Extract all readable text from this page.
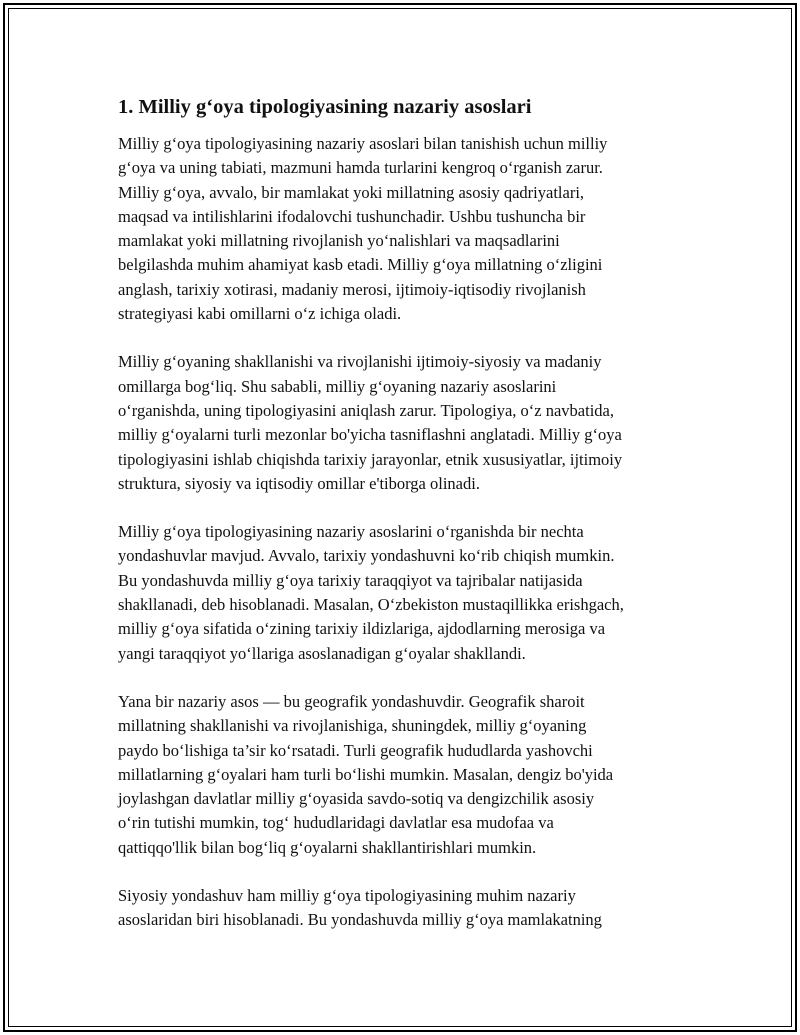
1. Milliy g‘oya tipologiyasining nazariy asoslari

Milliy g‘oya tipologiyasining nazariy asoslari bilan tanishish uchun milliy
g‘oya va uning tabiati, mazmuni hamda turlarini kengroq o‘rganish zarur.
Milliy g‘oya, avvalo, bir mamlakat yoki millatning asosiy qadriyatlari,
maqsad va intilishlarini ifodalovchi tushunchadir. Ushbu tushuncha bir
mamlakat yoki millatning rivojlanish yo‘nalishlari va maqsadlarini
belgilashda muhim ahamiyat kasb etadi. Milliy g‘oya millatning o‘zligini
anglash, tarixiy xotirasi, madaniy merosi, ijtimoiy-iqtisodiy rivojlanish
strategiyasi kabi omillarni o‘z ichiga oladi.

Milliy g‘oyaning shakllanishi va rivojlanishi ijtimoiy-siyosiy va madaniy
omillarga bog‘liq. Shu sababli, milliy g‘oyaning nazariy asoslarini
o‘rganishda, uning tipologiyasini aniqlash zarur. Tipologiya, o‘z navbatida,
milliy g‘oyalarni turli mezonlar bo'yicha tasniflashni anglatadi. Milliy g‘oya
tipologiyasini ishlab chiqishda tarixiy jarayonlar, etnik xususiyatlar, ijtimoiy
struktura, siyosiy va iqtisodiy omillar e'tiborga olinadi.

Milliy g‘oya tipologiyasining nazariy asoslarini o‘rganishda bir nechta
yondashuvlar mavjud. Avvalo, tarixiy yondashuvni ko‘rib chiqish mumkin.
Bu yondashuvda milliy g‘oya tarixiy taraqqiyot va tajribalar natijasida
shakllanadi, deb hisoblanadi. Masalan, O‘zbekiston mustaqillikka erishgach,
milliy g‘oya sifatida o‘zining tarixiy ildizlariga, ajdodlarning merosiga va
yangi taraqqiyot yo‘llariga asoslanadigan g‘oyalar shakllandi.

Yana bir nazariy asos — bu geografik yondashuvdir. Geografik sharoit
millatning shakllanishi va rivojlanishiga, shuningdek, milliy g‘oyaning
paydo bo‘lishiga ta’sir ko‘rsatadi. Turli geografik hududlarda yashovchi
millatlarning g‘oyalari ham turli bo‘lishi mumkin. Masalan, dengiz bo'yida
joylashgan davlatlar milliy g‘oyasida savdo-sotiq va dengizchilik asosiy
o‘rin tutishi mumkin, tog‘ hududlaridagi davlatlar esa mudofaa va
qattiqqo'llik bilan bog‘liq g‘oyalarni shakllantirishlari mumkin.

Siyosiy yondashuv ham milliy g‘oya tipologiyasining muhim nazariy
asoslaridan biri hisoblanadi. Bu yondashuvda milliy g‘oya mamlakatning
